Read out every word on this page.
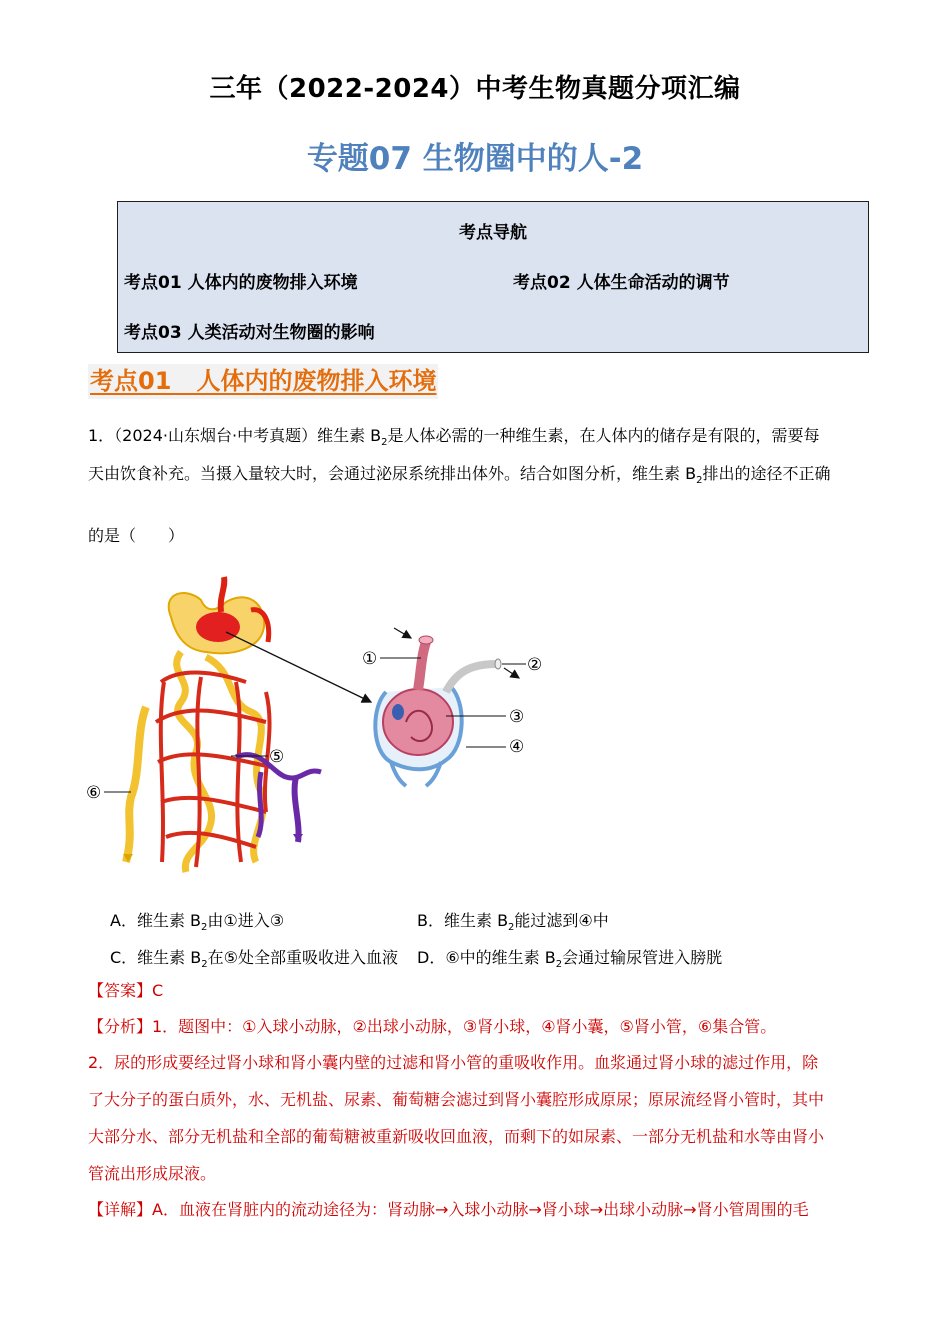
三年（2022-2024）中考生物真题分项汇编
专题07 生物圈中的人-2
考点导航
考点01 人体内的废物排入环境	考点02 人体生命活动的调节
考点03 人类活动对生物圈的影响
考点01   人体内的废物排入环境
1．（2024·山东烟台·中考真题）维生素 $B_2$是人体必需的一种维生素，在人体内的储存是有限的，需要每
天由饮食补充。当摄入量较大时，会通过泌尿系统排出体外。结合如图分析，维生素 $B_2$排出的途径不正确
的是（　　）
①	②
③
④
⑤
⑥
A．维生素 $B_2$由①进入③	B．维生素 $B_2$能过滤到④中
C．维生素 $B_2$在⑤处全部重吸收进入血液 D．⑥中的维生素 $B_2$会通过输尿管进入膀胱
【答案】C
【分析】1．题图中：①入球小动脉，②出球小动脉，③肾小球，④肾小囊，⑤肾小管，⑥集合管。
2．尿的形成要经过肾小球和肾小囊内壁的过滤和肾小管的重吸收作用。血浆通过肾小球的滤过作用，除
了大分子的蛋白质外，水、无机盐、尿素、葡萄糖会滤过到肾小囊腔形成原尿；原尿流经肾小管时，其中
大部分水、部分无机盐和全部的葡萄糖被重新吸收回血液，而剩下的如尿素、一部分无机盐和水等由肾小
管流出形成尿液。
【详解】A．血液在肾脏内的流动途径为：肾动脉→入球小动脉→肾小球→出球小动脉→肾小管周围的毛
